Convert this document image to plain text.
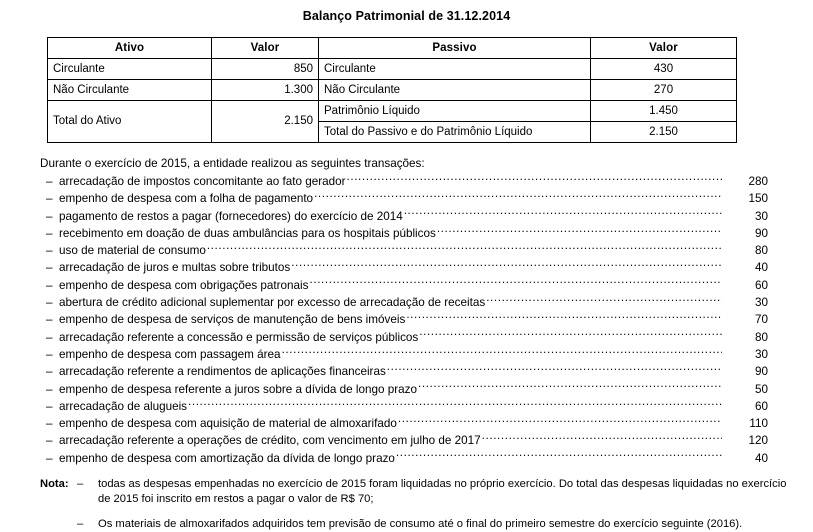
Balanço Patrimonial de 31.12.2014
Ativo	Valor	Passivo	Valor
Circulante	850	Circulante	430
Não Circulante	1.300	Não Circulante	270
Total do Ativo	2.150	Patrimônio Líquido	1.450
		Total do Passivo e do Patrimônio Líquido	2.150
Durante o exercício de 2015, a entidade realizou as seguintes transações:
– arrecadação de impostos concomitante ao fato gerador .....	280
– empenho de despesa com a folha de pagamento .....	150
– pagamento de restos a pagar (fornecedores) do exercício de 2014 .....	30
– recebimento em doação de duas ambulâncias para os hospitais públicos .....	90
– uso de material de consumo .....	80
– arrecadação de juros e multas sobre tributos .....	40
– empenho de despesa com obrigações patronais .....	60
– abertura de crédito adicional suplementar por excesso de arrecadação de receitas .....	30
– empenho de despesa de serviços de manutenção de bens imóveis .....	70
– arrecadação referente a concessão e permissão de serviços públicos .....	80
– empenho de despesa com passagem área .....	30
– arrecadação referente a rendimentos de aplicações financeiras .....	90
– empenho de despesa referente a juros sobre a dívida de longo prazo .....	50
– arrecadação de alugueis .....	60
– empenho de despesa com aquisição de material de almoxarifado .....	110
– arrecadação referente a operações de crédito, com vencimento em julho de 2017 .....	120
– empenho de despesa com amortização da dívida de longo prazo .....	40
Nota: –	todas as despesas empenhadas no exercício de 2015 foram liquidadas no próprio exercício. Do total das despesas liquidadas no exercício de 2015 foi inscrito em restos a pagar o valor de R$ 70;
–	Os materiais de almoxarifados adquiridos tem previsão de consumo até o final do primeiro semestre do exercício seguinte (2016).
